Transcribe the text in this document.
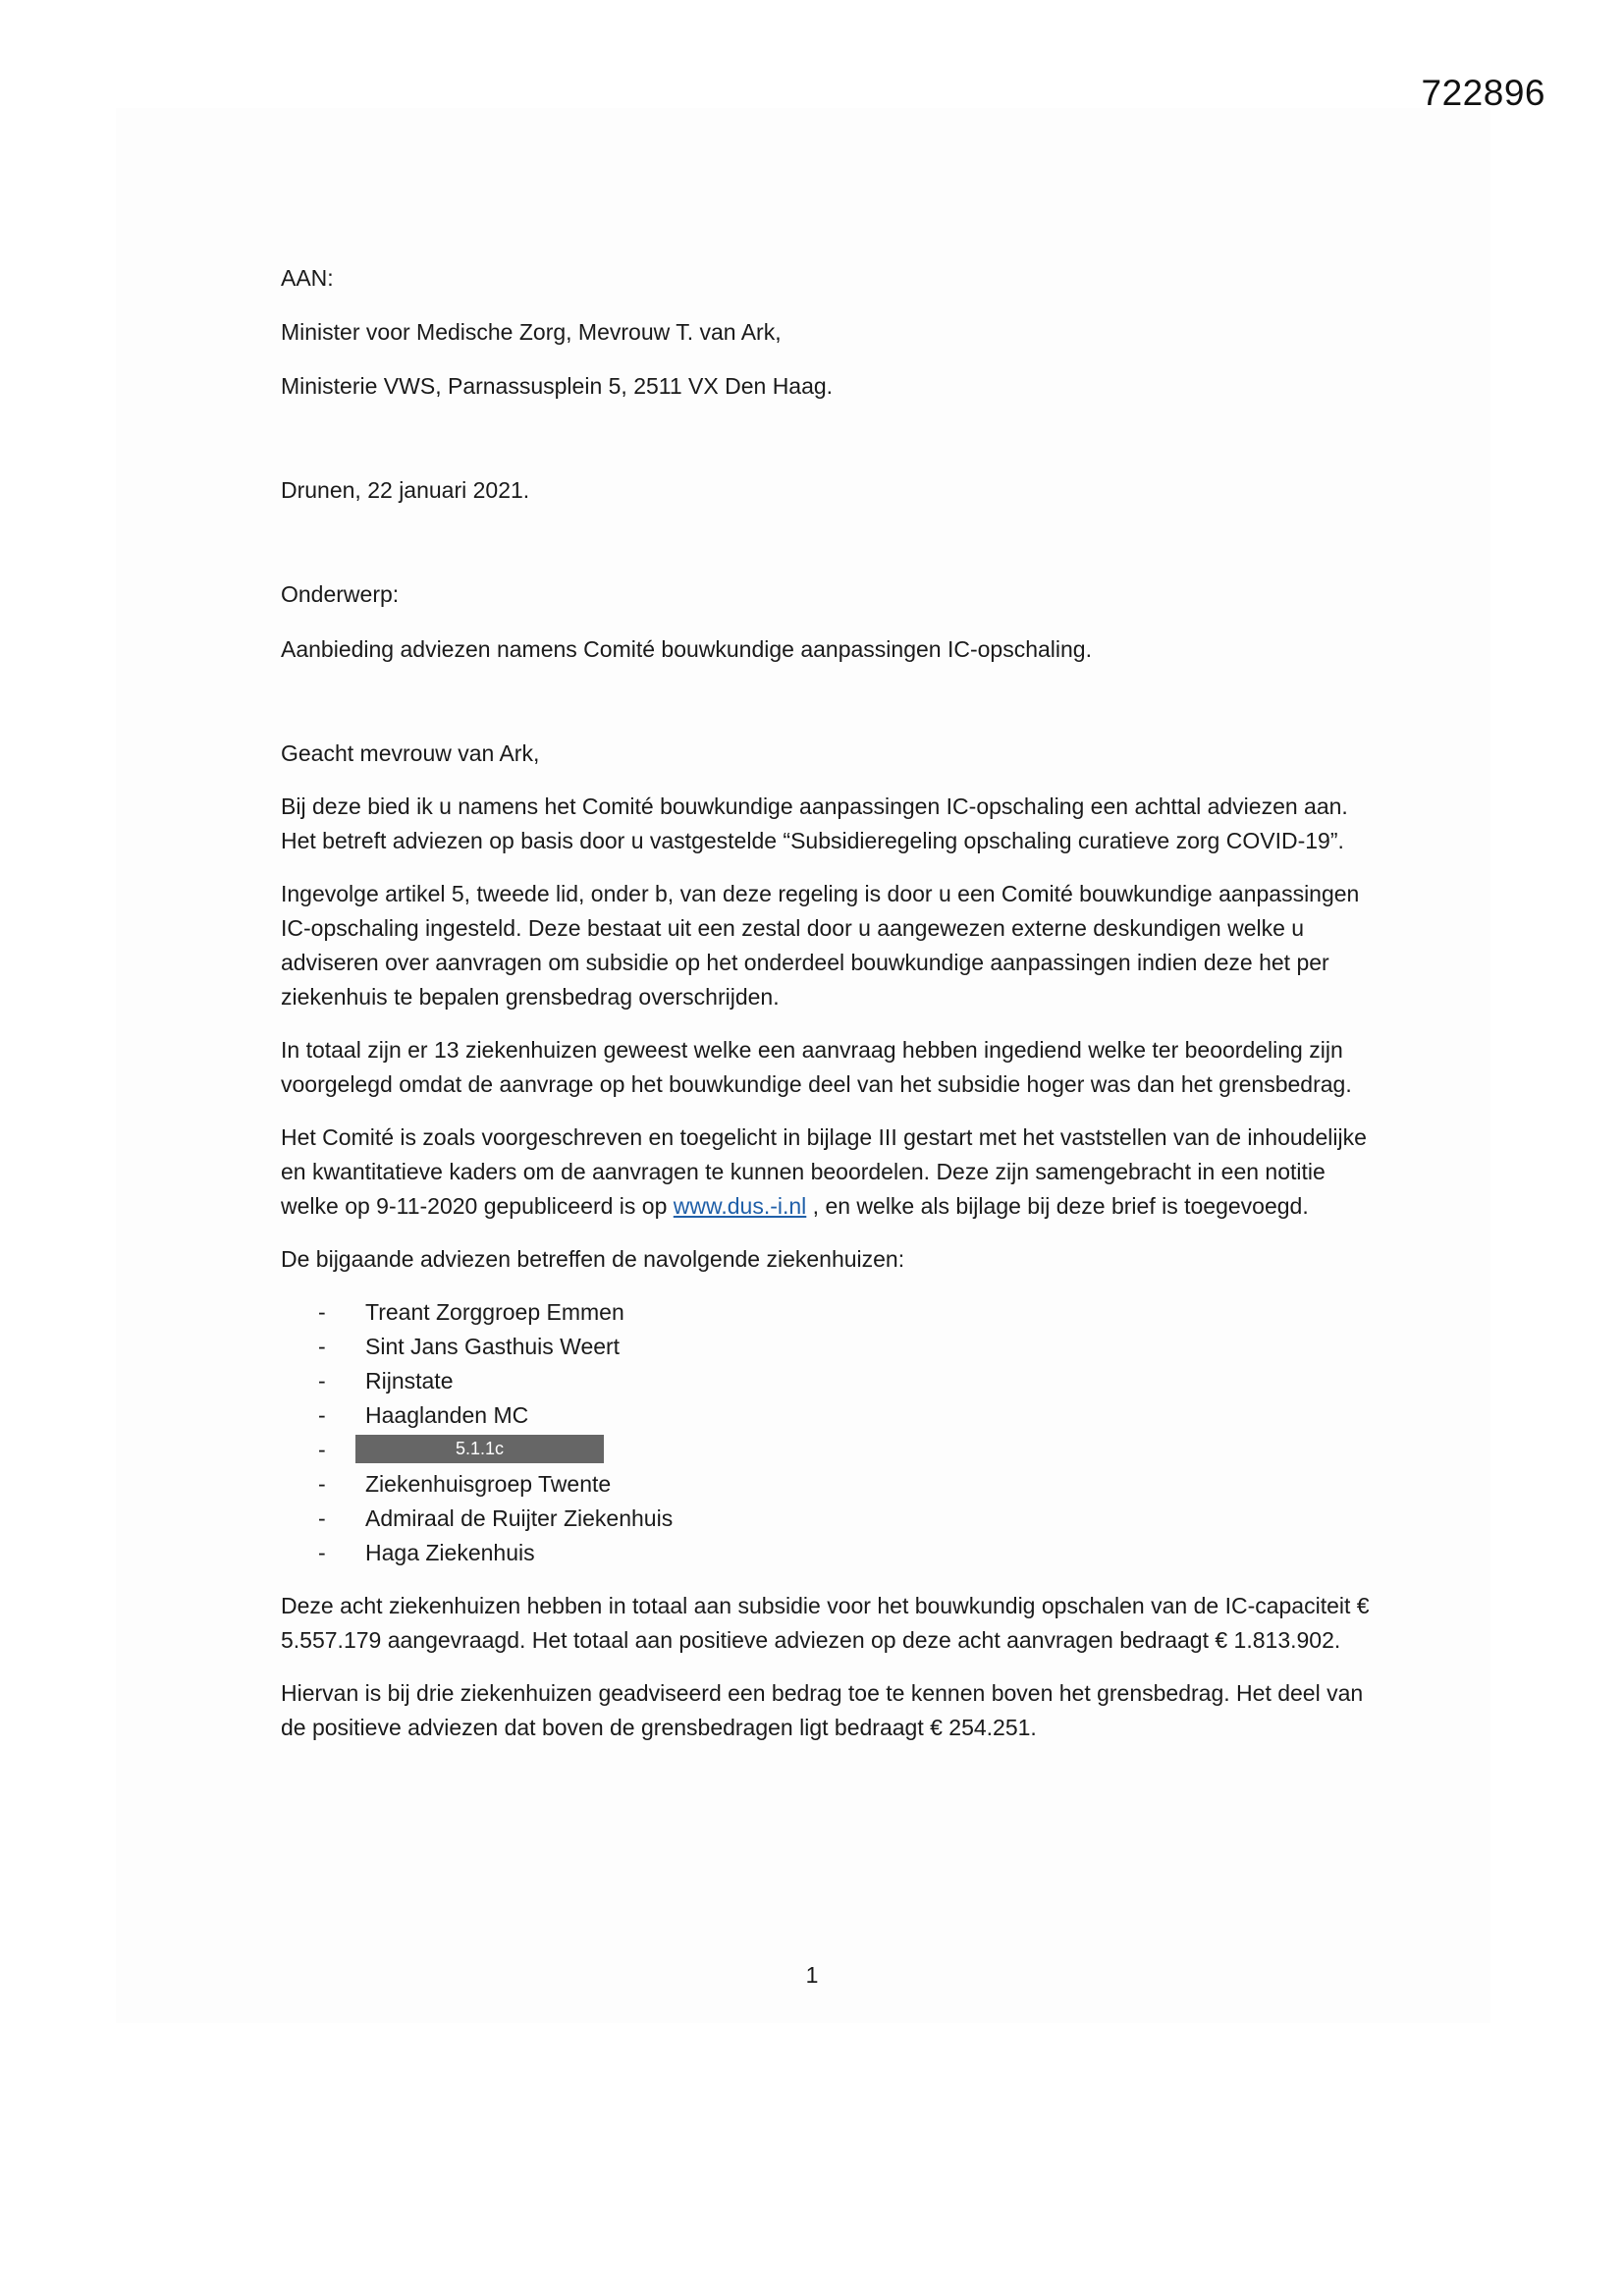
722896

AAN:

Minister voor Medische Zorg, Mevrouw T. van Ark,

Ministerie VWS, Parnassusplein 5, 2511 VX Den Haag.

Drunen, 22 januari 2021.

Onderwerp:

Aanbieding adviezen namens Comité bouwkundige aanpassingen IC-opschaling.

Geacht mevrouw van Ark,

Bij deze bied ik u namens het Comité bouwkundige aanpassingen IC-opschaling een achttal adviezen aan. Het betreft adviezen op basis door u vastgestelde “Subsidieregeling opschaling curatieve zorg COVID-19”.

Ingevolge artikel 5, tweede lid, onder b, van deze regeling is door u een Comité bouwkundige aanpassingen IC-opschaling ingesteld. Deze bestaat uit een zestal door u aangewezen externe deskundigen welke u adviseren over aanvragen om subsidie op het onderdeel bouwkundige aanpassingen indien deze het per ziekenhuis te bepalen grensbedrag overschrijden.

In totaal zijn er 13 ziekenhuizen geweest welke een aanvraag hebben ingediend welke ter beoordeling zijn voorgelegd omdat de aanvrage op het bouwkundige deel van het subsidie hoger was dan het grensbedrag.

Het Comité is zoals voorgeschreven en toegelicht in bijlage III gestart met het vaststellen van de inhoudelijke en kwantitatieve kaders om de aanvragen te kunnen beoordelen. Deze zijn samengebracht in een notitie welke op 9-11-2020 gepubliceerd is op www.dus.-i.nl , en welke als bijlage bij deze brief is toegevoegd.

De bijgaande adviezen betreffen de navolgende ziekenhuizen:

- Treant Zorggroep Emmen
- Sint Jans Gasthuis Weert
- Rijnstate
- Haaglanden MC
-	5.1.1c
- Ziekenhuisgroep Twente
- Admiraal de Ruijter Ziekenhuis
- Haga Ziekenhuis

Deze acht ziekenhuizen hebben in totaal aan subsidie voor het bouwkundig opschalen van de IC-capaciteit € 5.557.179 aangevraagd. Het totaal aan positieve adviezen op deze acht aanvragen bedraagt € 1.813.902.

Hiervan is bij drie ziekenhuizen geadviseerd een bedrag toe te kennen boven het grensbedrag. Het deel van de positieve adviezen dat boven de grensbedragen ligt bedraagt € 254.251.

1
